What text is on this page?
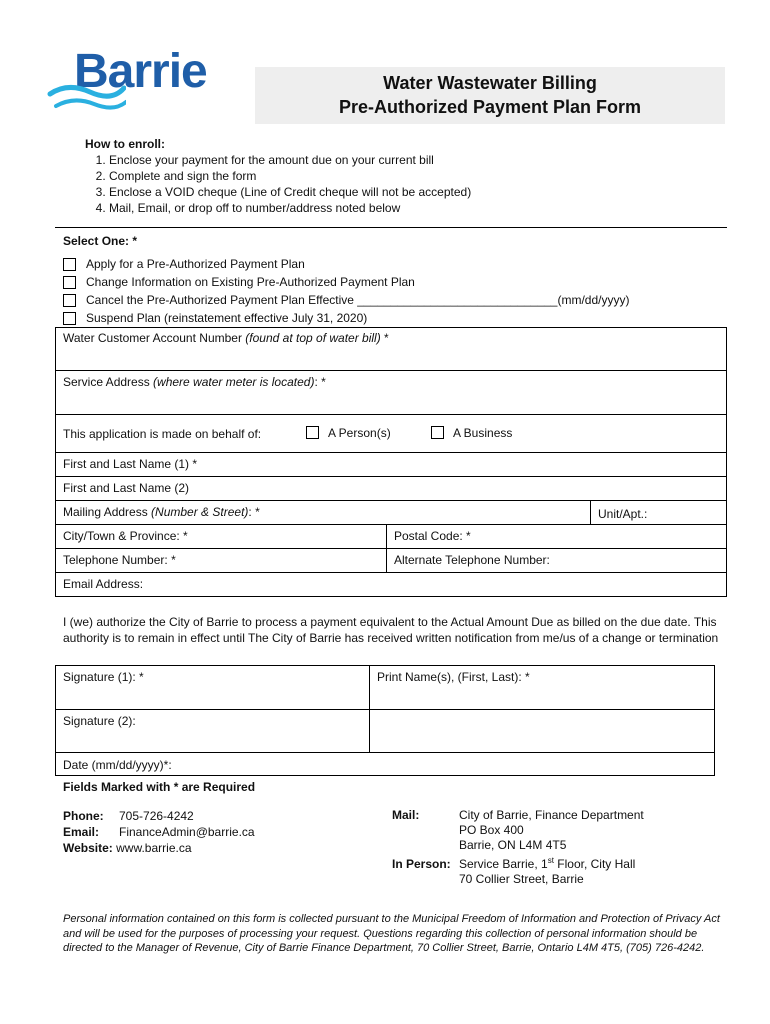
Barrie	Water Wastewater Billing
Pre-Authorized Payment Plan Form
How to enroll:
1. Enclose your payment for the amount due on your current bill
2. Complete and sign the form
3. Enclose a VOID cheque (Line of Credit cheque will not be accepted)
4. Mail, Email, or drop off to number/address noted below
Select One: *
Apply for a Pre-Authorized Payment Plan
Change Information on Existing Pre-Authorized Payment Plan
Cancel the Pre-Authorized Payment Plan Effective ______________________________(mm/dd/yyyy)
Suspend Plan (reinstatement effective July 31, 2020)
Water Customer Account Number (found at top of water bill) *
Service Address (where water meter is located): *
This application is made on behalf of:	A Person(s)	A Business
First and Last Name (1) *
First and Last Name (2)
Mailing Address (Number & Street): *	Unit/Apt.:
City/Town & Province: *	Postal Code: *
Telephone Number: *	Alternate Telephone Number:
Email Address:
I (we) authorize the City of Barrie to process a payment equivalent to the Actual Amount Due as billed on the due date. This authority is to remain in effect until The City of Barrie has received written notification from me/us of a change or termination
Signature (1): *	Print Name(s), (First, Last): *
Signature (2):
Date (mm/dd/yyyy)*:
Fields Marked with * are Required
Phone: 705-726-4242
Email: FinanceAdmin@barrie.ca
Website: www.barrie.ca
Mail:	City of Barrie, Finance Department
PO Box 400
Barrie, ON L4M 4T5
In Person: Service Barrie, 1st Floor, City Hall
70 Collier Street, Barrie
Personal information contained on this form is collected pursuant to the Municipal Freedom of Information and Protection of Privacy Act and will be used for the purposes of processing your request. Questions regarding this collection of personal information should be directed to the Manager of Revenue, City of Barrie Finance Department, 70 Collier Street, Barrie, Ontario L4M 4T5, (705) 726-4242.
